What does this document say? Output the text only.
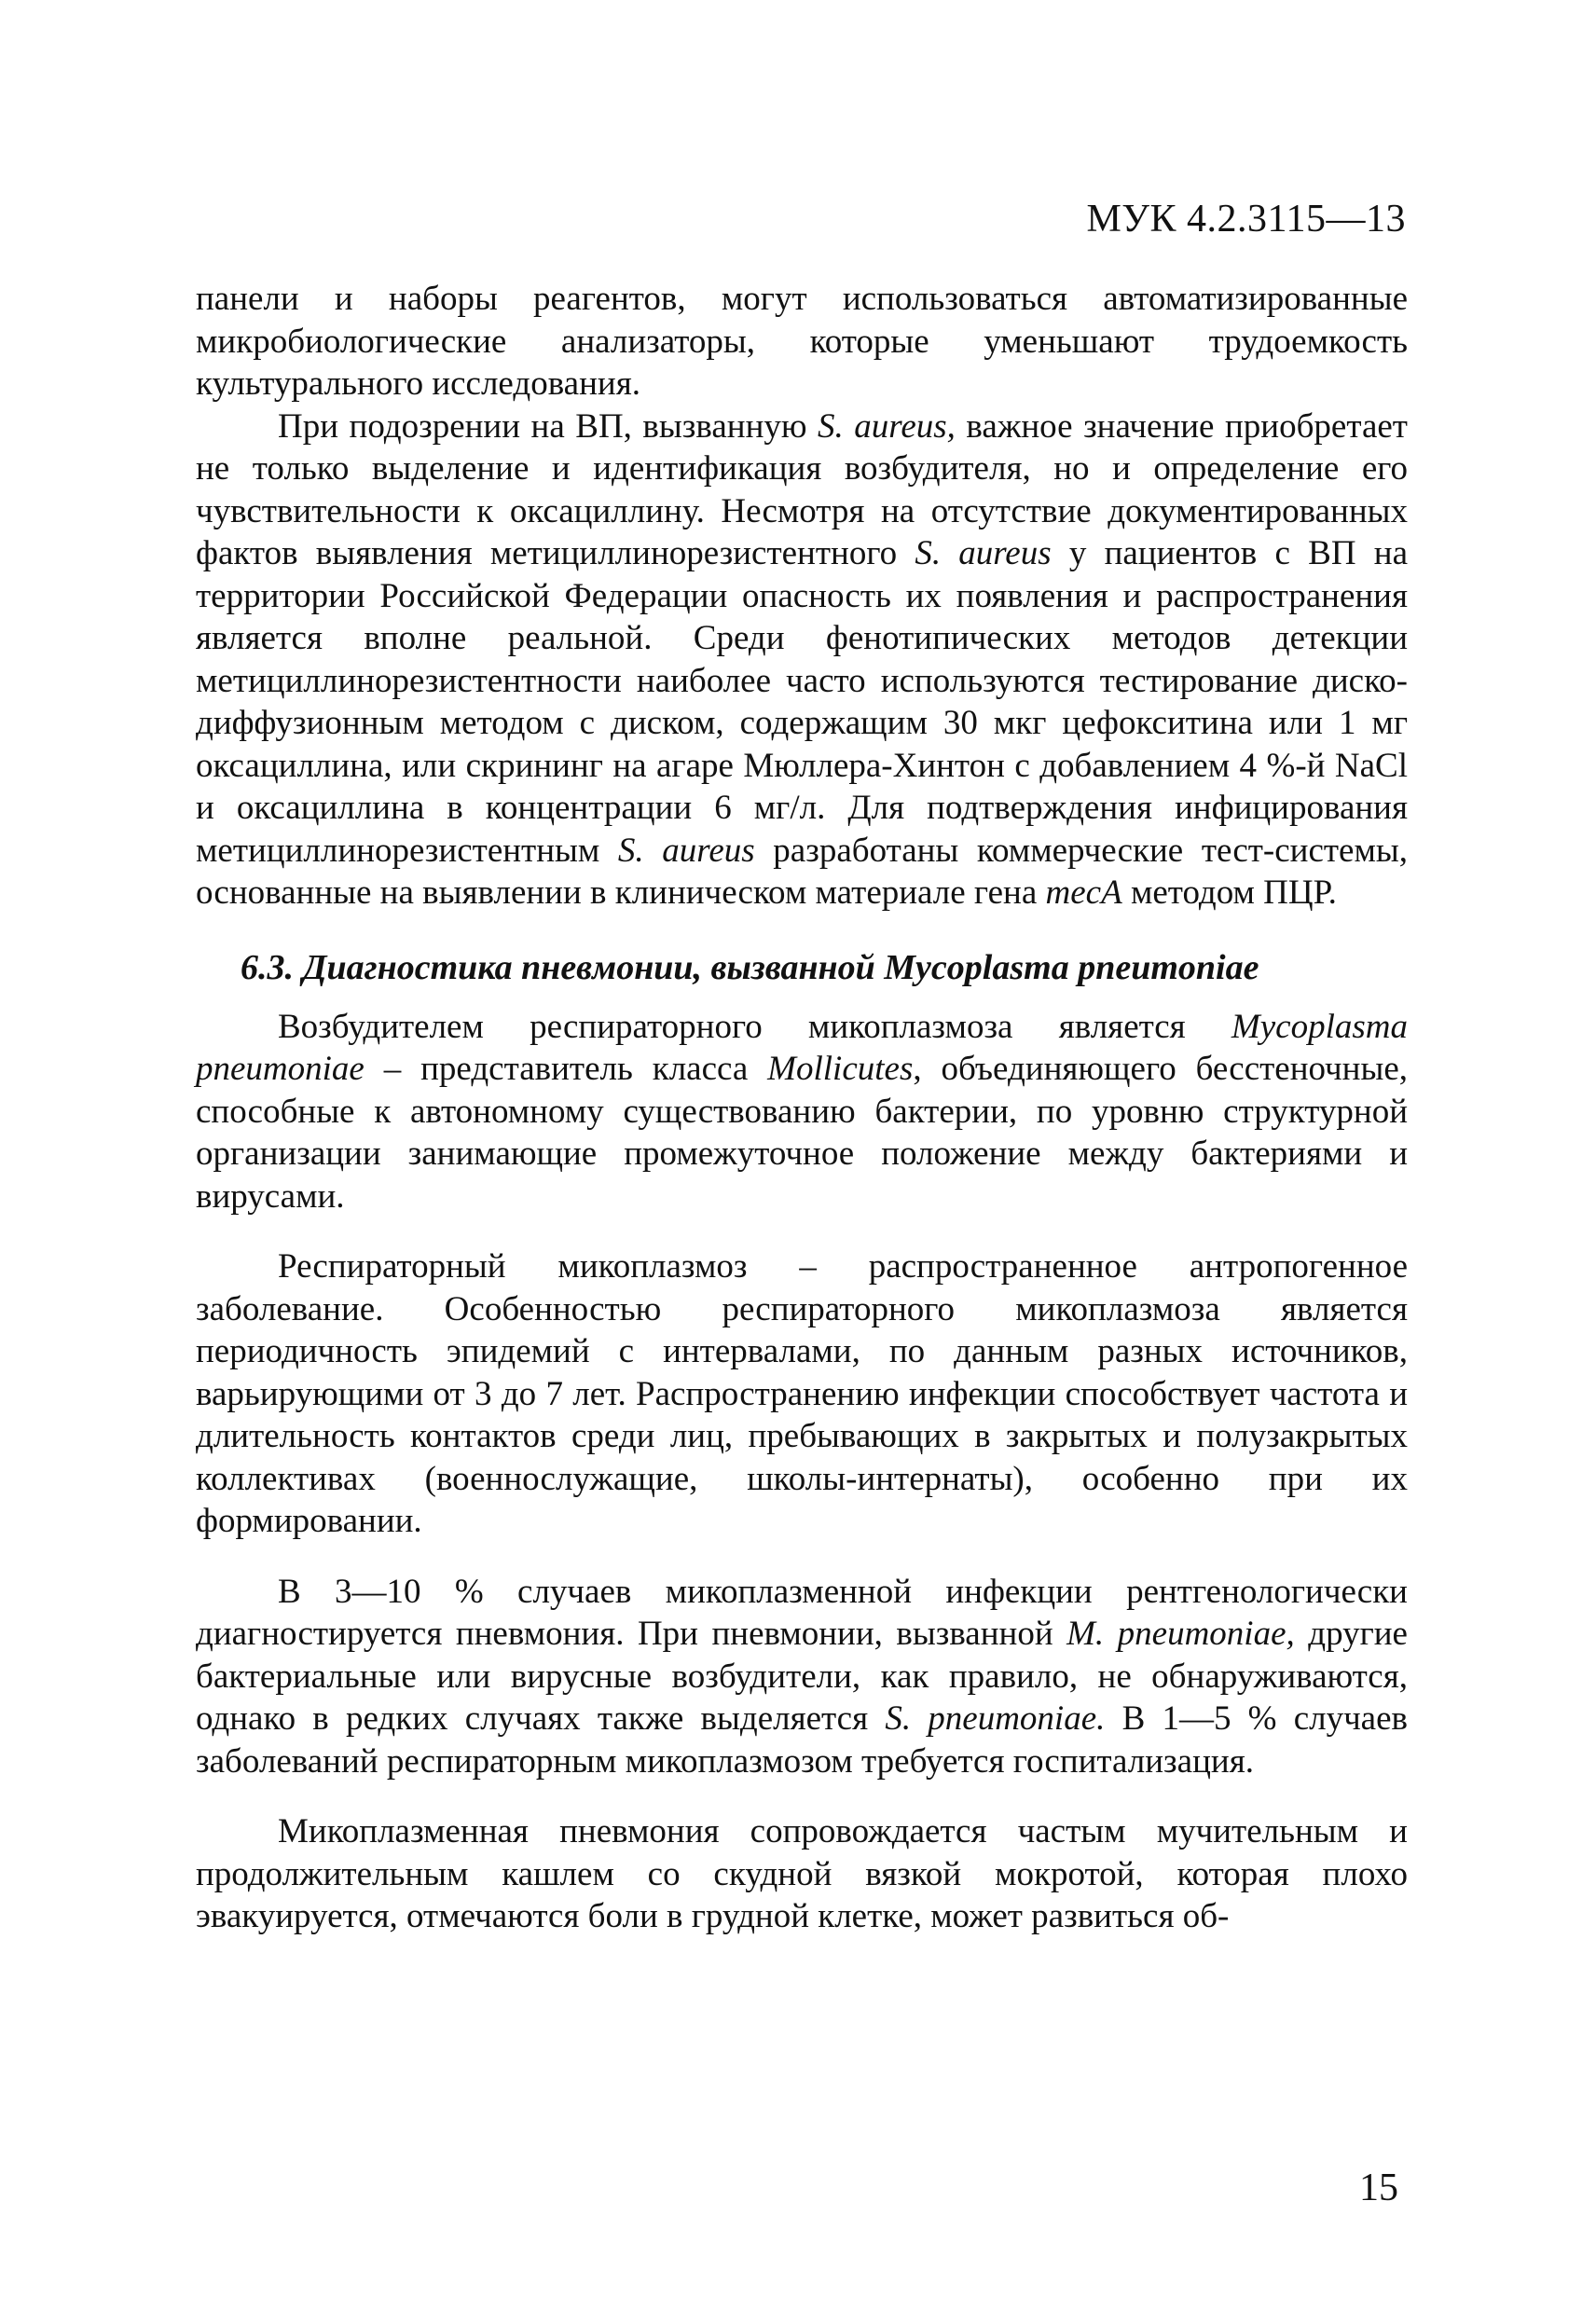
МУК 4.2.3115—13

панели и наборы реагентов, могут использоваться автоматизированные микробиологические анализаторы, которые уменьшают трудоемкость культурального исследования.

При подозрении на ВП, вызванную S. aureus, важное значение приобретает не только выделение и идентификация возбудителя, но и определение его чувствительности к оксациллину. Несмотря на отсутствие документированных фактов выявления метициллинорезистентного S. aureus у пациентов с ВП на территории Российской Федерации опасность их появления и распространения является вполне реальной. Среди фенотипических методов детекции метициллинорезистентности наиболее часто используются тестирование диско-диффузионным методом с диском, содержащим 30 мкг цефокситина или 1 мг оксациллина, или скрининг на агаре Мюллера-Хинтон с добавлением 4 %-й NaCl и оксациллина в концентрации 6 мг/л. Для подтверждения инфицирования метициллинорезистентным S. aureus разработаны коммерческие тест-системы, основанные на выявлении в клиническом материале гена mecA методом ПЦР.

6.3. Диагностика пневмонии, вызванной Mycoplasma pneumoniae

Возбудителем респираторного микоплазмоза является Mycoplasma pneumoniae – представитель класса Mollicutes, объединяющего бесстеночные, способные к автономному существованию бактерии, по уровню структурной организации занимающие промежуточное положение между бактериями и вирусами.

Респираторный микоплазмоз – распространенное антропогенное заболевание. Особенностью респираторного микоплазмоза является периодичность эпидемий с интервалами, по данным разных источников, варьирующими от 3 до 7 лет. Распространению инфекции способствует частота и длительность контактов среди лиц, пребывающих в закрытых и полузакрытых коллективах (военнослужащие, школы-интернаты), особенно при их формировании.

В 3—10 % случаев микоплазменной инфекции рентгенологически диагностируется пневмония. При пневмонии, вызванной M. pneumoniae, другие бактериальные или вирусные возбудители, как правило, не обнаруживаются, однако в редких случаях также выделяется S. pneumoniae. В 1—5 % случаев заболеваний респираторным микоплазмозом требуется госпитализация.

Микоплазменная пневмония сопровождается частым мучительным и продолжительным кашлем со скудной вязкой мокротой, которая плохо эвакуируется, отмечаются боли в грудной клетке, может развиться об-

15
